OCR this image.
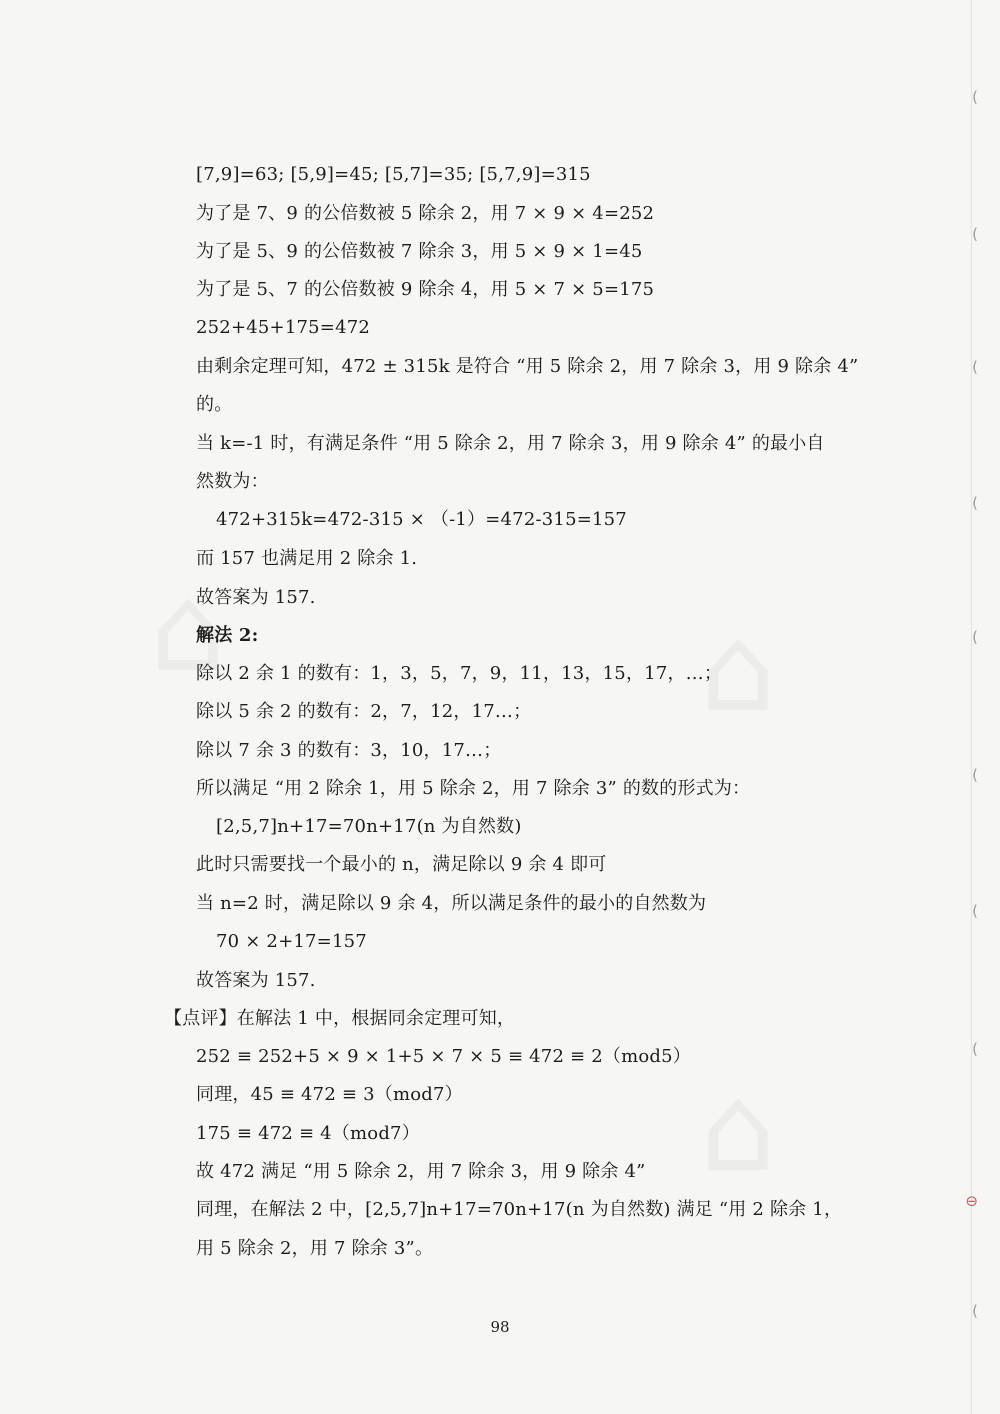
(
(
(
(
(
(
(
(
⊖
(
[7,9]=63; [5,9]=45; [5,7]=35; [5,7,9]=315
为了是 7、9 的公倍数被 5 除余 2，用 7 × 9 × 4=252
为了是 5、9 的公倍数被 7 除余 3，用 5 × 9 × 1=45
为了是 5、7 的公倍数被 9 除余 4，用 5 × 7 × 5=175
252+45+175=472
由剩余定理可知，472 ± 315k 是符合 “用 5 除余 2，用 7 除余 3，用 9 除余 4”
的。
当 k=-1 时，有满足条件 “用 5 除余 2，用 7 除余 3，用 9 除余 4” 的最小自
然数为：
472+315k=472-315 × （-1）=472-315=157
而 157 也满足用 2 除余 1.
故答案为 157.
解法 2:
除以 2 余 1 的数有：1，3，5，7，9，11，13，15，17，…；
除以 5 余 2 的数有：2，7，12，17…；
除以 7 余 3 的数有：3，10，17…；
所以满足 “用 2 除余 1，用 5 除余 2，用 7 除余 3” 的数的形式为：
[2,5,7]n+17=70n+17(n 为自然数)
此时只需要找一个最小的 n，满足除以 9 余 4 即可
当 n=2 时，满足除以 9 余 4，所以满足条件的最小的自然数为
70 × 2+17=157
故答案为 157.
【点评】在解法 1 中，根据同余定理可知，
252 ≡ 252+5 × 9 × 1+5 × 7 × 5 ≡ 472 ≡ 2（mod5）
同理，45 ≡ 472 ≡ 3（mod7）
175 ≡ 472 ≡ 4（mod7）
故 472 满足 “用 5 除余 2，用 7 除余 3，用 9 除余 4”
同理，在解法 2 中，[2,5,7]n+17=70n+17(n 为自然数) 满足 “用 2 除余 1，
用 5 除余 2，用 7 除余 3”。
98
